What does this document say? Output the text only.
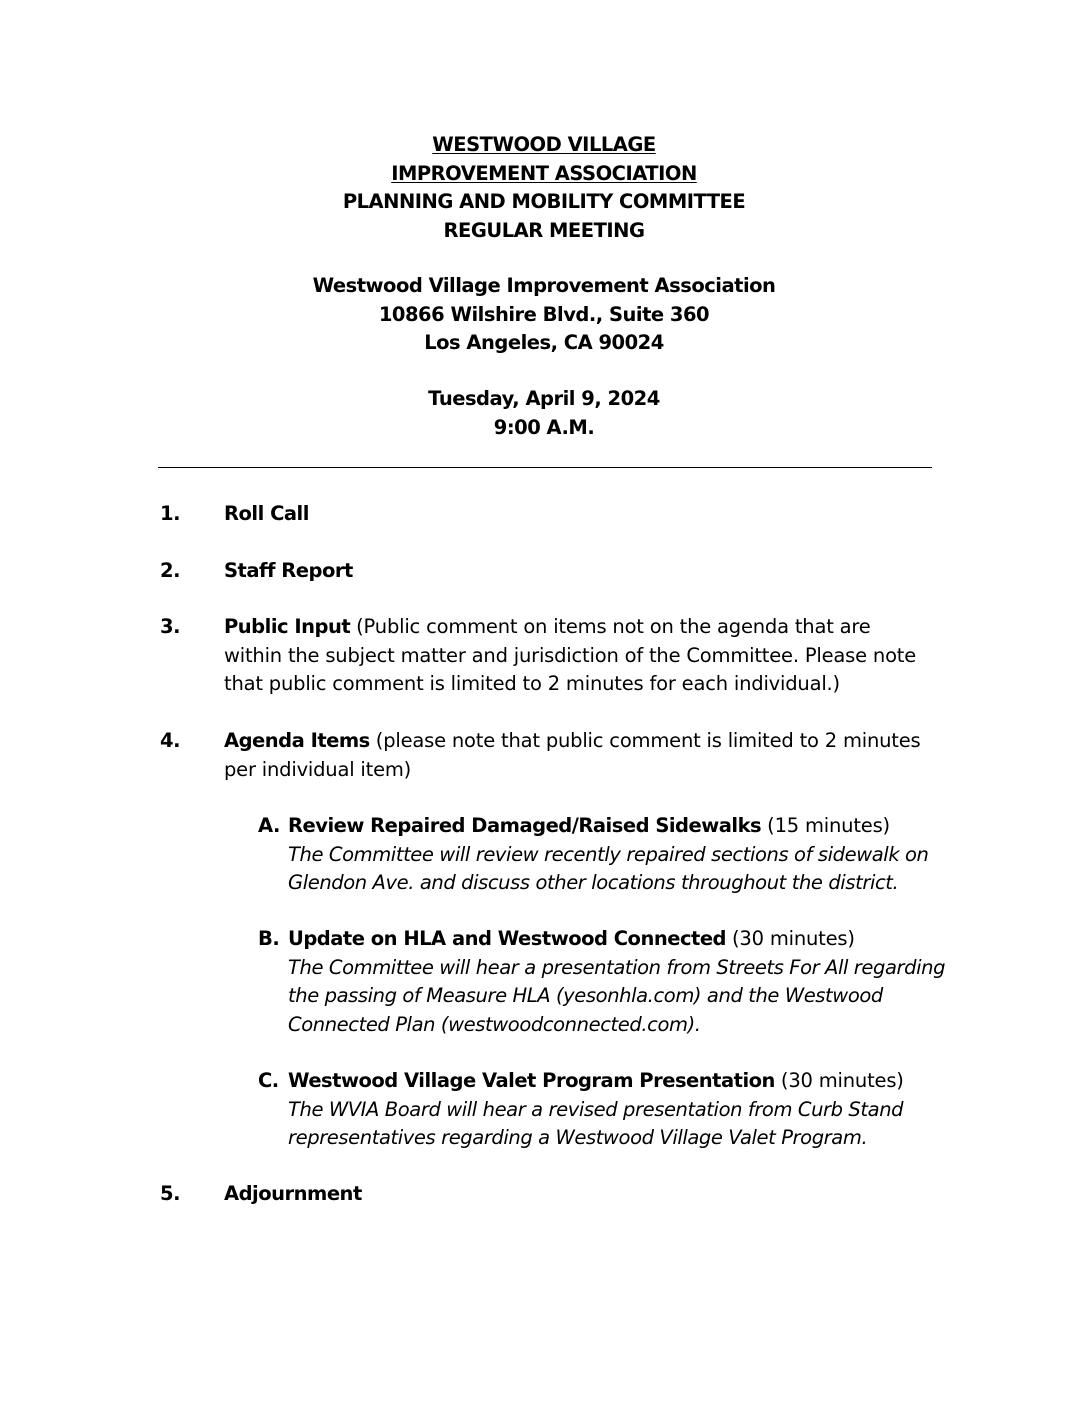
WESTWOOD VILLAGE
IMPROVEMENT ASSOCIATION
PLANNING AND MOBILITY COMMITTEE
REGULAR MEETING
Westwood Village Improvement Association
10866 Wilshire Blvd., Suite 360
Los Angeles, CA 90024
Tuesday, April 9, 2024
9:00 A.M.
1. Roll Call
2. Staff Report
3. Public Input (Public comment on items not on the agenda that are within the subject matter and jurisdiction of the Committee. Please note that public comment is limited to 2 minutes for each individual.)
4. Agenda Items (please note that public comment is limited to 2 minutes per individual item)
A. Review Repaired Damaged/Raised Sidewalks (15 minutes)
The Committee will review recently repaired sections of sidewalk on Glendon Ave. and discuss other locations throughout the district.
B. Update on HLA and Westwood Connected (30 minutes)
The Committee will hear a presentation from Streets For All regarding the passing of Measure HLA (yesonhla.com) and the Westwood Connected Plan (westwoodconnected.com).
C. Westwood Village Valet Program Presentation (30 minutes)
The WVIA Board will hear a revised presentation from Curb Stand representatives regarding a Westwood Village Valet Program.
5. Adjournment
